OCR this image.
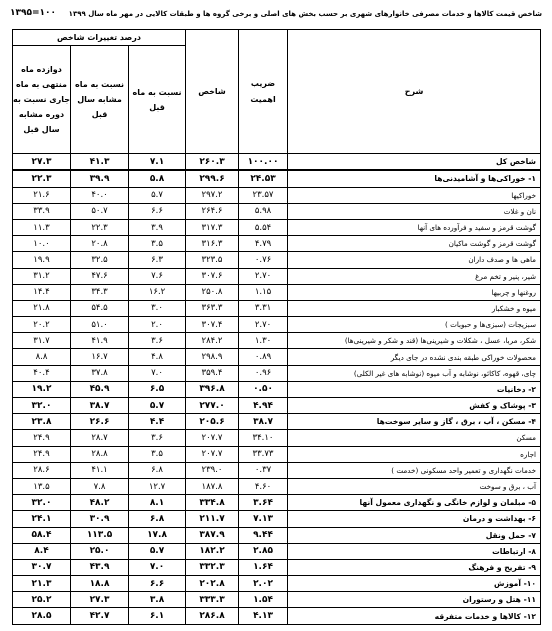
شاخص قیمت کالاها و خدمات مصرفی خانوارهای شهری بر حسب بخش های اصلی و برخی گروه ها و طبقات کالایی در مهر ماه سال ۱۳۹۹
۱۳۹۵=۱۰۰
شرح	ضریب اهمیت	شاخص	درصد تغییرات شاخص		
			نسبت به ماه قبل	نسبت به ماه مشابه سال قبل	دوازده ماه منتهی به ماه جاری نسبت به دوره مشابه سال قبل
شاخص کل	۱۰۰.۰۰	۲۶۰.۳	۷.۱	۴۱.۳	۲۷.۳
۱- خوراکی‌ها و آشامیدنی‌ها	۲۴.۵۳	۲۹۹.۶	۵.۸	۳۹.۹	۲۲.۳
خوراکیها	۲۳.۵۷	۲۹۷.۲	۵.۷	۴۰.۰	۲۱.۶
نان و غلات	۵.۹۸	۲۶۴.۶	۶.۶	۵۰.۷	۳۳.۹
گوشت قرمز و سفید و فرآورده های آنها	۵.۵۴	۳۱۷.۳	۳.۹	۲۲.۳	۱۱.۳
گوشت قرمز و گوشت ماکیان	۴.۷۹	۳۱۶.۳	۳.۵	۲۰.۸	۱۰.۰
ماهی ها و صدف داران	۰.۷۶	۳۲۳.۵	۶.۳	۳۲.۵	۱۹.۹
شیر، پنیر و تخم مرغ	۲.۷۰	۳۰۷.۶	۷.۶	۴۷.۶	۳۱.۲
روغنها و چربیها	۱.۱۵	۲۵۰.۸	۱۶.۲	۳۴.۳	۱۴.۴
میوه و خشکبار	۳.۳۱	۳۶۳.۳	۳.۰	۵۴.۵	۲۱.۸
سبزیجات (سبزی‌ها و حبوبات )	۲.۷۰	۳۰۷.۴	۲.۰	۵۱.۰	۲۰.۲
شکر، مربا، عسل ، شکلات و شیرینی‌ها (قند و شکر و شیرینی‌ها)	۱.۳۰	۲۸۴.۲	۳.۶	۴۱.۹	۳۱.۷
محصولات خوراکی طبقه بندی نشده در جای دیگر	۰.۸۹	۲۹۸.۹	۴.۸	۱۶.۷	۸.۸
چای، قهوه، کاکائو، نوشابه و آب میوه (نوشابه های غیر الکلی)	۰.۹۶	۳۵۹.۴	۷.۰	۳۷.۸	۴۰.۴
۲- دخانیات	۰.۵۰	۳۹۶.۸	۶.۵	۴۵.۹	۱۹.۲
۳- پوشاک و کفش	۴.۹۴	۲۷۷.۰	۵.۷	۳۸.۷	۳۲.۰
۴- مسکن ، آب ، برق ، گاز و سایر سوخت‌ها	۳۸.۷	۲۰۵.۶	۴.۴	۲۶.۶	۲۳.۸
مسکن	۳۴.۱۰	۲۰۷.۷	۳.۶	۲۸.۷	۲۴.۹
اجاره	۳۳.۷۳	۲۰۷.۷	۳.۵	۲۸.۸	۲۴.۹
خدمات نگهداری و تعمیر واحد مسکونی (خدمت )	۰.۳۷	۲۳۹.۰	۶.۸	۴۱.۱	۲۸.۶
آب ، برق و سوخت	۴.۶۰	۱۸۷.۸	۱۲.۷	۷.۸	۱۳.۵
۵- مبلمان و لوازم خانگی و نگهداری معمول آنها	۳.۶۴	۳۳۴.۸	۸.۱	۴۸.۲	۳۲.۰
۶- بهداشت و درمان	۷.۱۳	۲۱۱.۷	۶.۸	۳۰.۹	۲۴.۱
۷- حمل ونقل	۹.۴۴	۳۸۷.۹	۱۷.۸	۱۱۳.۵	۵۸.۴
۸- ارتباطات	۲.۸۵	۱۸۲.۲	۵.۷	۲۵.۰	۸.۴
۹- تفریح و فرهنگ	۱.۶۴	۳۳۲.۳	۷.۰	۴۳.۹	۳۰.۷
۱۰- آموزش	۲.۰۲	۲۰۲.۸	۶.۶	۱۸.۸	۲۱.۳
۱۱- هتل و رستوران	۱.۵۴	۳۳۳.۳	۳.۸	۲۷.۳	۲۵.۲
۱۲- کالاها و خدمات متفرقه	۴.۱۳	۲۸۶.۸	۶.۱	۴۲.۷	۲۸.۵
